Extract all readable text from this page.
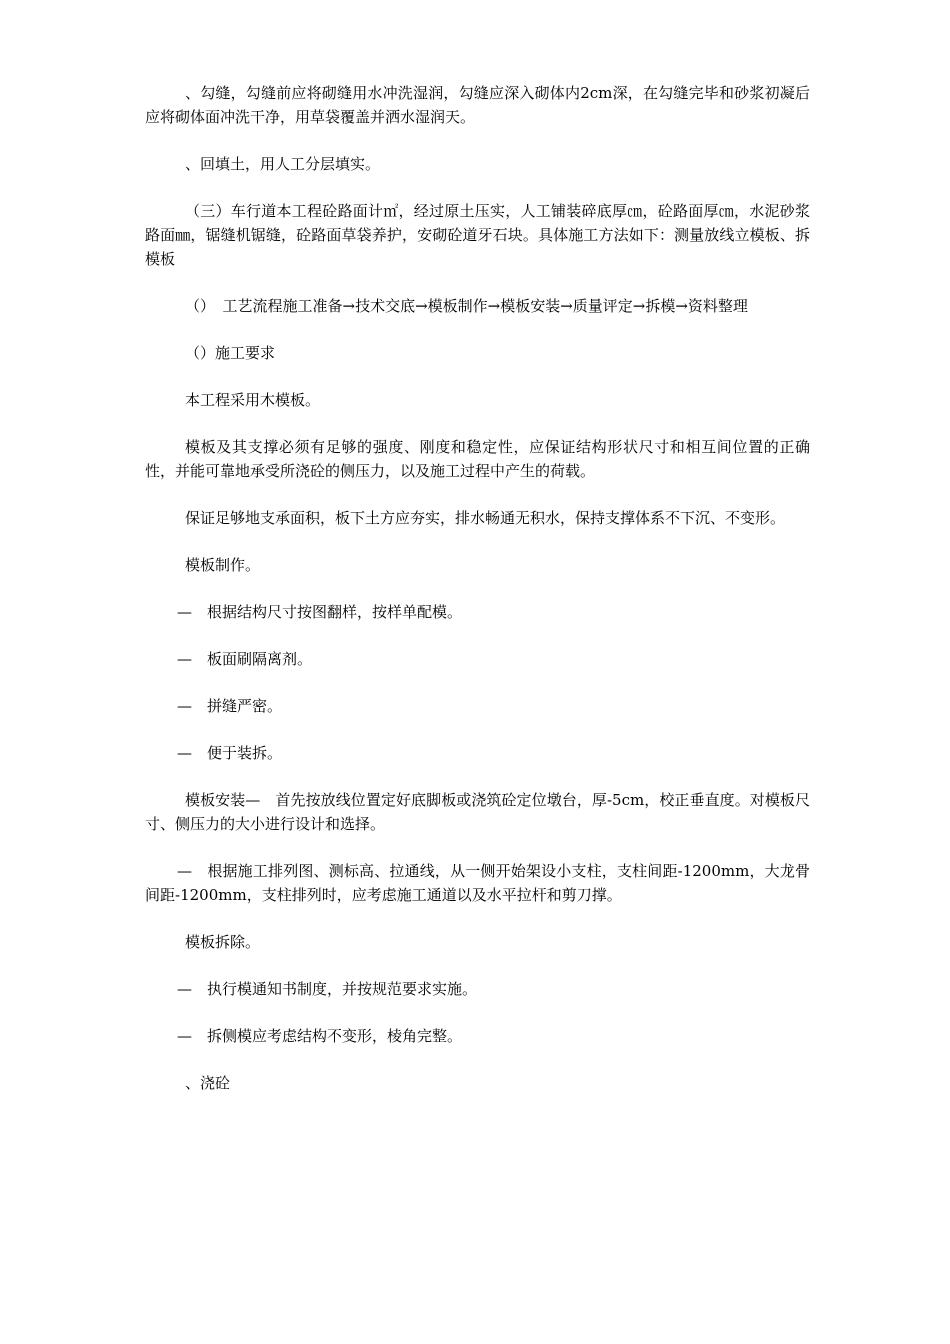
、勾缝，勾缝前应将砌缝用水冲洗湿润，勾缝应深入砌体内2cm深，在勾缝完毕和砂浆初凝后应将砌体面冲洗干净，用草袋覆盖并洒水湿润天。

、回填土，用人工分层填实。

（三）车行道本工程砼路面计㎡，经过原土压实，人工铺装碎底厚㎝，砼路面厚㎝，水泥砂浆路面㎜，锯缝机锯缝，砼路面草袋养护，安砌砼道牙石块。具体施工方法如下：测量放线立模板、拆模板

（）　工艺流程施工准备→技术交底→模板制作→模板安装→质量评定→拆模→资料整理

（）施工要求

本工程采用木模板。

模板及其支撑必须有足够的强度、刚度和稳定性，应保证结构形状尺寸和相互间位置的正确性，并能可靠地承受所浇砼的侧压力，以及施工过程中产生的荷载。

保证足够地支承面积，板下土方应夯实，排水畅通无积水，保持支撑体系不下沉、不变形。

模板制作。

—　根据结构尺寸按图翻样，按样单配模。

—　板面刷隔离剂。

—　拼缝严密。

—　便于装拆。

模板安装—　首先按放线位置定好底脚板或浇筑砼定位墩台，厚-5cm，校正垂直度。对模板尺寸、侧压力的大小进行设计和选择。

—　根据施工排列图、测标高、拉通线，从一侧开始架设小支柱，支柱间距-1200mm，大龙骨间距-1200mm，支柱排列时，应考虑施工通道以及水平拉杆和剪刀撑。

模板拆除。

—　执行模通知书制度，并按规范要求实施。

—　拆侧模应考虑结构不变形，棱角完整。

、浇砼
